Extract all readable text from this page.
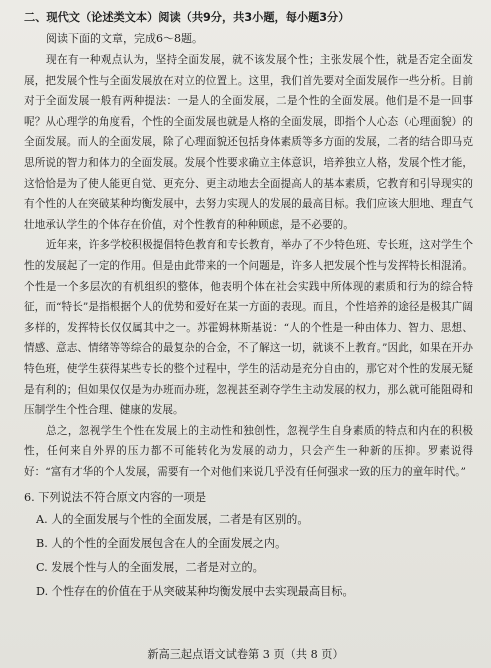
二、现代文（论述类文本）阅读（共9分，共3小题，每小题3分）

阅读下面的文章，完成6～8题。

现在有一种观点认为，坚持全面发展，就不该发展个性；主张发展个性，就是否定全面发展，把发展个性与全面发展放在对立的位置上。这里，我们首先要对全面发展作一些分析。目前对于全面发展一般有两种提法：一是人的全面发展，二是个性的全面发展。他们是不是一回事呢？从心理学的角度看，个性的全面发展也就是人格的全面发展，即指个人心态（心理面貌）的全面发展。而人的全面发展，除了心理面貌还包括身体素质等多方面的发展，二者的结合即马克思所说的智力和体力的全面发展。发展个性要求确立主体意识，培养独立人格，发展个性才能，这恰恰是为了使人能更自觉、更充分、更主动地去全面提高人的基本素质，它教育和引导现实的有个性的人在突破某种均衡发展中，去努力实现人的发展的最高目标。我们应该大胆地、理直气壮地承认学生的个体存在价值，对个性教育的种种顾虑，是不必要的。

近年来，许多学校积极提倡特色教育和专长教育，举办了不少特色班、专长班，这对学生个性的发展起了一定的作用。但是由此带来的一个问题是，许多人把发展个性与发挥特长相混淆。个性是一个多层次的有机组织的整体，他表明个体在社会实践中所体现的素质和行为的综合特征，而“特长”是指根据个人的优势和爱好在某一方面的表现。而且，个性培养的途径是极其广阔多样的，发挥特长仅仅属其中之一。苏霍姆林斯基说：“人的个性是一种由体力、智力、思想、情感、意志、情绪等等综合的最复杂的合金，不了解这一切，就谈不上教育。”因此，如果在开办特色班，使学生获得某些专长的整个过程中，学生的活动是充分自由的，那它对个性的发展无疑是有利的；但如果仅仅是为办班而办班，忽视甚至剥夺学生主动发展的权力，那么就可能阻碍和压制学生个性合理、健康的发展。

总之，忽视学生个性在发展上的主动性和独创性，忽视学生自身素质的特点和内在的积极性，任何来自外界的压力都不可能转化为发展的动力，只会产生一种新的压抑。罗素说得好：“富有才华的个人发展，需要有一个对他们来说几乎没有任何强求一致的压力的童年时代。”

6. 下列说法不符合原文内容的一项是

A. 人的全面发展与个性的全面发展，二者是有区别的。

B. 人的个性的全面发展包含在人的全面发展之内。

C. 发展个性与人的全面发展，二者是对立的。

D. 个性存在的价值在于从突破某种均衡发展中去实现最高目标。

新高三起点语文试卷第 3 页（共 8 页）
